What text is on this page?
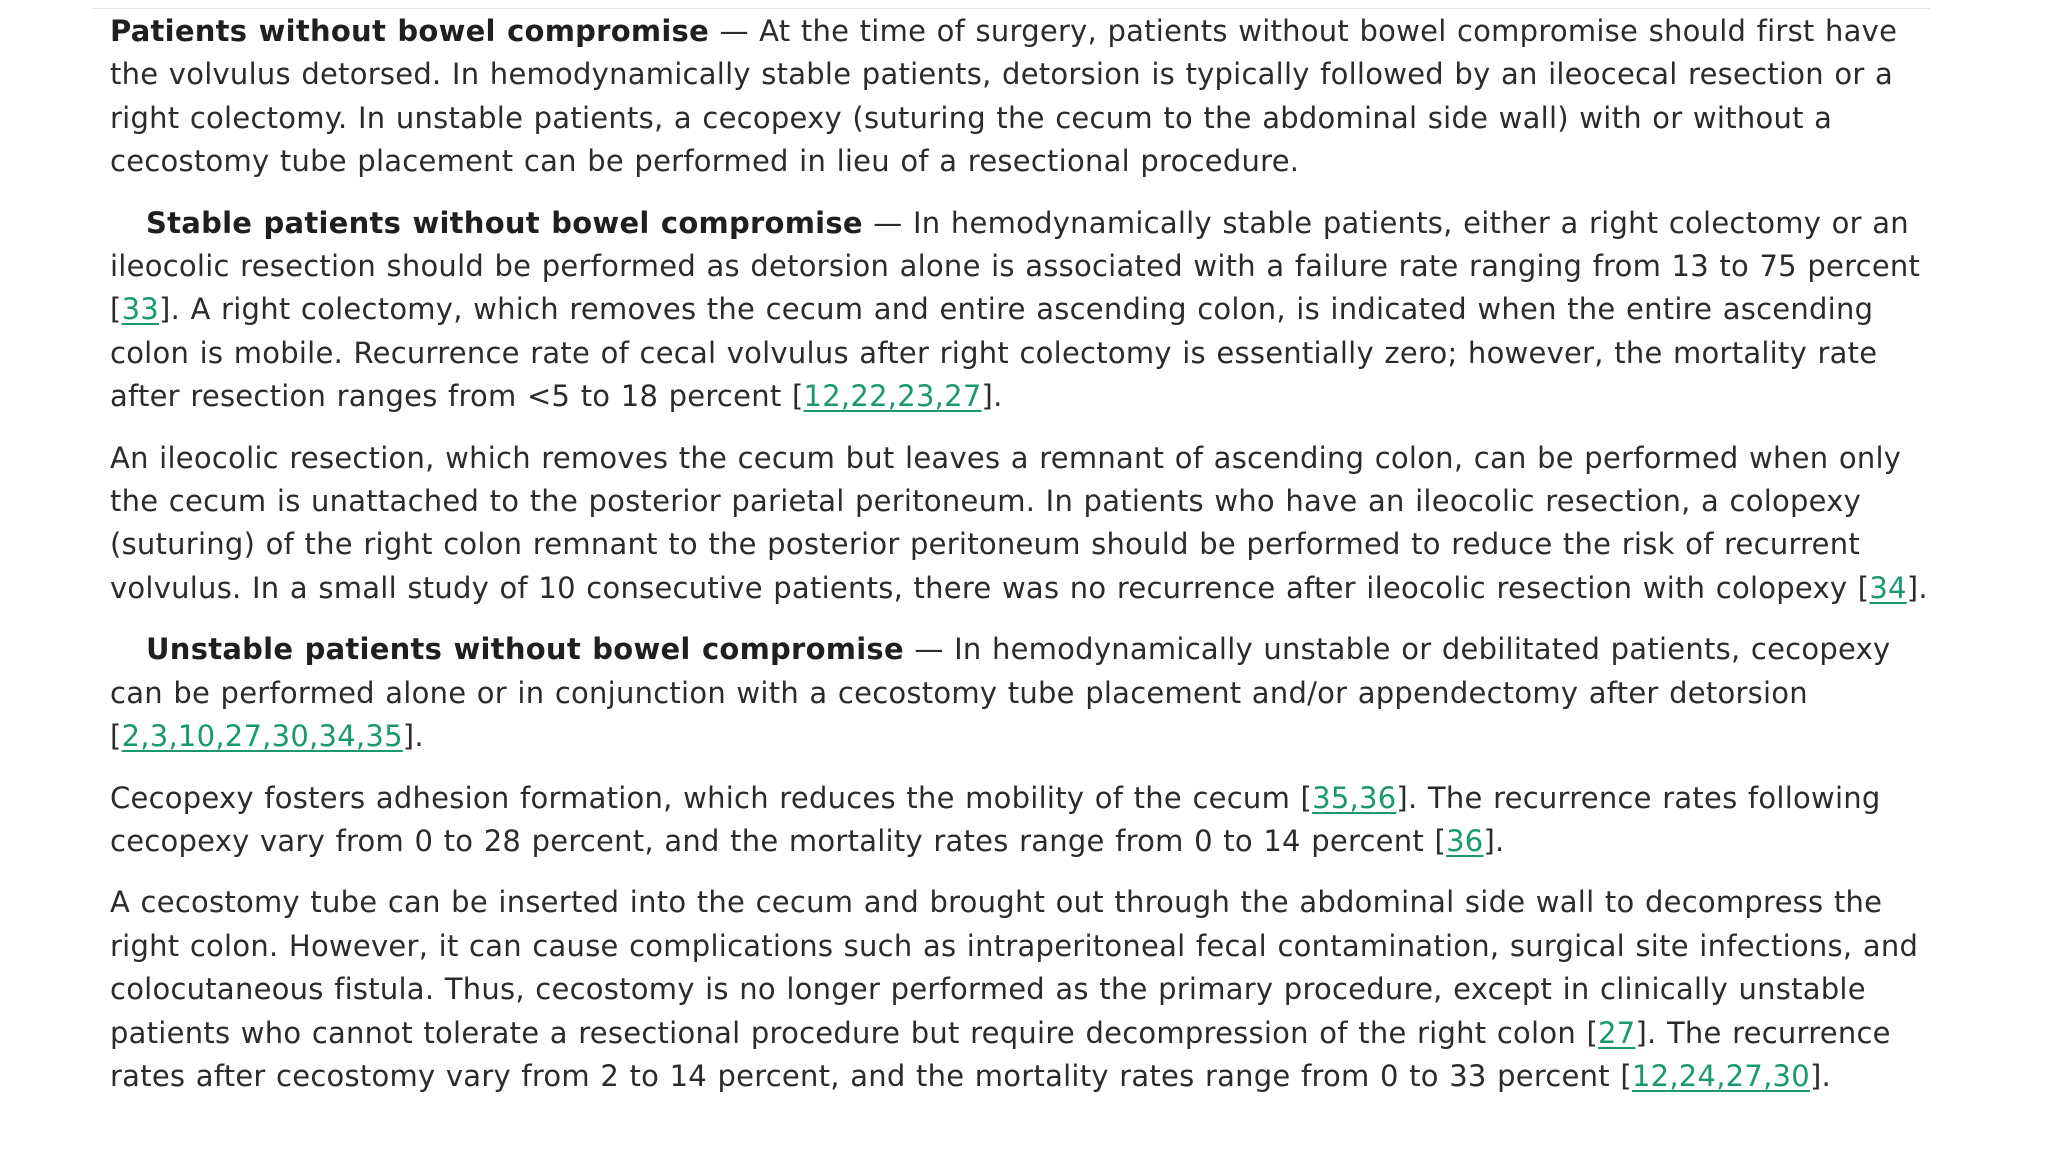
Patients without bowel compromise — At the time of surgery, patients without bowel compromise should first have the volvulus detorsed. In hemodynamically stable patients, detorsion is typically followed by an ileocecal resection or a right colectomy. In unstable patients, a cecopexy (suturing the cecum to the abdominal side wall) with or without a cecostomy tube placement can be performed in lieu of a resectional procedure.

Stable patients without bowel compromise — In hemodynamically stable patients, either a right colectomy or an ileocolic resection should be performed as detorsion alone is associated with a failure rate ranging from 13 to 75 percent [33]. A right colectomy, which removes the cecum and entire ascending colon, is indicated when the entire ascending colon is mobile. Recurrence rate of cecal volvulus after right colectomy is essentially zero; however, the mortality rate after resection ranges from <5 to 18 percent [12,22,23,27].

An ileocolic resection, which removes the cecum but leaves a remnant of ascending colon, can be performed when only the cecum is unattached to the posterior parietal peritoneum. In patients who have an ileocolic resection, a colopexy (suturing) of the right colon remnant to the posterior peritoneum should be performed to reduce the risk of recurrent volvulus. In a small study of 10 consecutive patients, there was no recurrence after ileocolic resection with colopexy [34].

Unstable patients without bowel compromise — In hemodynamically unstable or debilitated patients, cecopexy can be performed alone or in conjunction with a cecostomy tube placement and/or appendectomy after detorsion [2,3,10,27,30,34,35].

Cecopexy fosters adhesion formation, which reduces the mobility of the cecum [35,36]. The recurrence rates following cecopexy vary from 0 to 28 percent, and the mortality rates range from 0 to 14 percent [36].

A cecostomy tube can be inserted into the cecum and brought out through the abdominal side wall to decompress the right colon. However, it can cause complications such as intraperitoneal fecal contamination, surgical site infections, and colocutaneous fistula. Thus, cecostomy is no longer performed as the primary procedure, except in clinically unstable patients who cannot tolerate a resectional procedure but require decompression of the right colon [27]. The recurrence rates after cecostomy vary from 2 to 14 percent, and the mortality rates range from 0 to 33 percent [12,24,27,30].
